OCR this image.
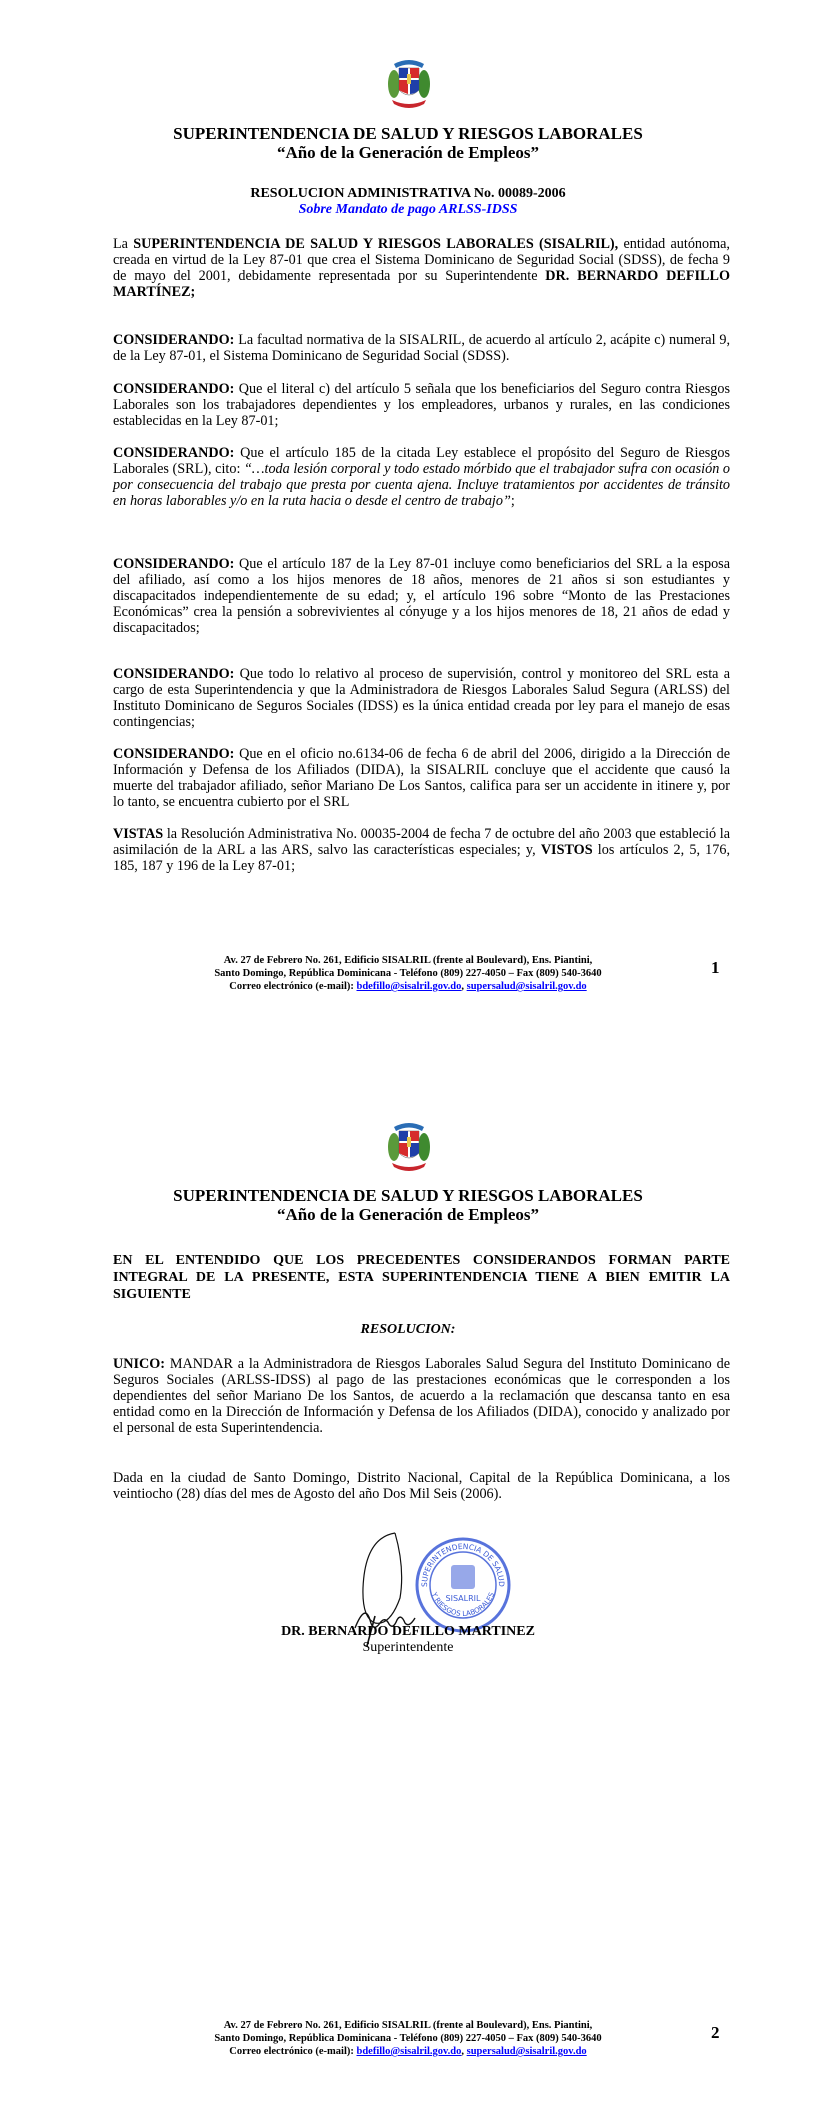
SUPERINTENDENCIA DE SALUD Y RIESGOS LABORALES
“Año de la Generación de Empleos”
RESOLUCION ADMINISTRATIVA No. 00089-2006
Sobre Mandato de pago ARLSS-IDSS

La SUPERINTENDENCIA DE SALUD Y RIESGOS LABORALES (SISALRIL), entidad autónoma, creada en virtud de la Ley 87-01 que crea el Sistema Dominicano de Seguridad Social (SDSS), de fecha 9 de mayo del 2001, debidamente representada por su Superintendente DR. BERNARDO DEFILLO MARTÍNEZ;

CONSIDERANDO: La facultad normativa de la SISALRIL, de acuerdo al artículo 2, acápite c) numeral 9, de la Ley 87-01, el Sistema Dominicano de Seguridad Social (SDSS).

CONSIDERANDO: Que el literal c) del artículo 5 señala que los beneficiarios del Seguro contra Riesgos Laborales son los trabajadores dependientes y los empleadores, urbanos y rurales, en las condiciones establecidas en la Ley 87-01;

CONSIDERANDO: Que el artículo 185 de la citada Ley establece el propósito del Seguro de Riesgos Laborales (SRL), cito: “…toda lesión corporal y todo estado mórbido que el trabajador sufra con ocasión o por consecuencia del trabajo que presta por cuenta ajena. Incluye tratamientos por accidentes de tránsito en horas laborables y/o en la ruta hacia o desde el centro de trabajo”;

CONSIDERANDO: Que el artículo 187 de la Ley 87-01 incluye como beneficiarios del SRL a la esposa del afiliado, así como a los hijos menores de 18 años, menores de 21 años si son estudiantes y discapacitados independientemente de su edad; y, el artículo 196 sobre “Monto de las Prestaciones Económicas” crea la pensión a sobrevivientes al cónyuge y a los hijos menores de 18, 21 años de edad y discapacitados;

CONSIDERANDO: Que todo lo relativo al proceso de supervisión, control y monitoreo del SRL esta a cargo de esta Superintendencia y que la Administradora de Riesgos Laborales Salud Segura (ARLSS) del Instituto Dominicano de Seguros Sociales (IDSS) es la única entidad creada por ley para el manejo de esas contingencias;

CONSIDERANDO: Que en el oficio no.6134-06 de fecha 6 de abril del 2006, dirigido a la Dirección de Información y Defensa de los Afiliados (DIDA), la SISALRIL concluye que el accidente que causó la muerte del trabajador afiliado, señor Mariano De Los Santos, califica para ser un accidente in itinere y, por lo tanto, se encuentra cubierto por el SRL

VISTAS la Resolución Administrativa No. 00035-2004 de fecha 7 de octubre del año 2003 que estableció la asimilación de la ARL a las ARS, salvo las características especiales; y, VISTOS los artículos 2, 5, 176, 185, 187 y 196 de la Ley 87-01;

Av. 27 de Febrero No. 261, Edificio SISALRIL (frente al Boulevard), Ens. Piantini,
Santo Domingo, República Dominicana - Teléfono (809) 227-4050 – Fax (809) 540-3640
Correo electrónico (e-mail): bdefillo@sisalril.gov.do, supersalud@sisalril.gov.do
1
SUPERINTENDENCIA DE SALUD Y RIESGOS LABORALES
“Año de la Generación de Empleos”

EN EL ENTENDIDO QUE LOS PRECEDENTES CONSIDERANDOS FORMAN PARTE INTEGRAL DE LA PRESENTE, ESTA SUPERINTENDENCIA TIENE A BIEN EMITIR LA SIGUIENTE

RESOLUCION:

UNICO: MANDAR a la Administradora de Riesgos Laborales Salud Segura del Instituto Dominicano de Seguros Sociales (ARLSS-IDSS) al pago de las prestaciones económicas que le corresponden a los dependientes del señor Mariano De los Santos, de acuerdo a la reclamación que descansa tanto en esa entidad como en la Dirección de Información y Defensa de los Afiliados (DIDA), conocido y analizado por el personal de esta Superintendencia.

Dada en la ciudad de Santo Domingo, Distrito Nacional, Capital de la República Dominicana, a los veintiocho (28) días del mes de Agosto del año Dos Mil Seis (2006).

SUPERINTENDENCIA DE SALUD
Y RIESGOS LABORALES
SISALRIL
DR. BERNARDO DEFILLO MARTINEZ
Superintendente
Av. 27 de Febrero No. 261, Edificio SISALRIL (frente al Boulevard), Ens. Piantini,
Santo Domingo, República Dominicana - Teléfono (809) 227-4050 – Fax (809) 540-3640
Correo electrónico (e-mail): bdefillo@sisalril.gov.do, supersalud@sisalril.gov.do
2
